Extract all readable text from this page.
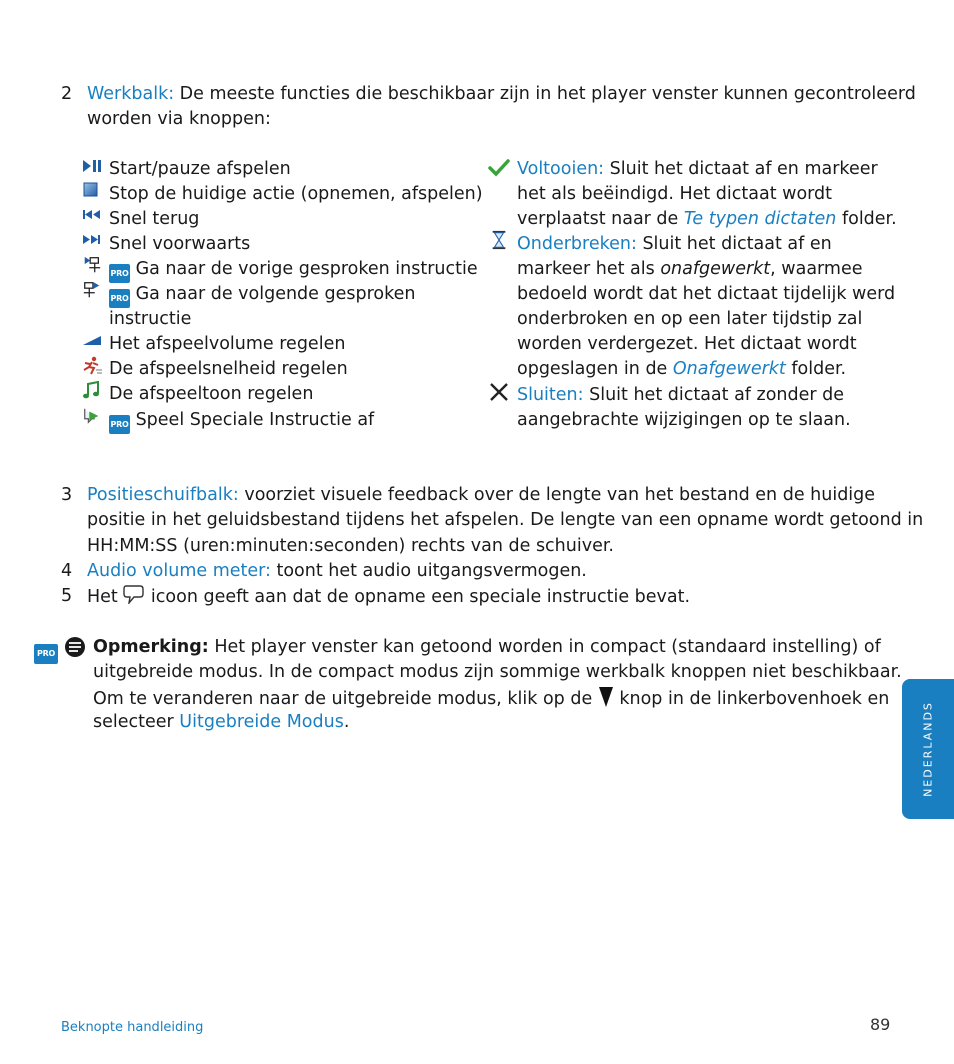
2 Werkbalk: De meeste functies die beschikbaar zijn in het player venster kunnen gecontroleerd
worden via knoppen:
Start/pauze afspelen
Stop de huidige actie (opnemen, afspelen)
Snel terug
Snel voorwaarts
PRO Ga naar de vorige gesproken instructie
PRO Ga naar de volgende gesproken
instructie
Het afspeelvolume regelen
De afspeelsnelheid regelen
De afspeeltoon regelen
PRO Speel Speciale Instructie af
Voltooien: Sluit het dictaat af en markeer
het als beëindigd. Het dictaat wordt
verplaatst naar de Te typen dictaten folder.
Onderbreken: Sluit het dictaat af en
markeer het als onafgewerkt, waarmee
bedoeld wordt dat het dictaat tijdelijk werd
onderbroken en op een later tijdstip zal
worden verdergezet. Het dictaat wordt
opgeslagen in de Onafgewerkt folder.
Sluiten: Sluit het dictaat af zonder de
aangebrachte wijzigingen op te slaan.
3 Positieschuifbalk: voorziet visuele feedback over de lengte van het bestand en de huidige
positie in het geluidsbestand tijdens het afspelen. De lengte van een opname wordt getoond in
HH:MM:SS (uren:minuten:seconden) rechts van de schuiver.
4 Audio volume meter: toont het audio uitgangsvermogen.
5 Het  icoon geeft aan dat de opname een speciale instructie bevat.
PRO	Opmerking: Het player venster kan getoond worden in compact (standaard instelling) of
uitgebreide modus. In de compact modus zijn sommige werkbalk knoppen niet beschikbaar.
Om te veranderen naar de uitgebreide modus, klik op de  knop in de linkerbovenhoek en
selecteer Uitgebreide Modus.	NEDERLANDS
Beknopte handleiding	89
